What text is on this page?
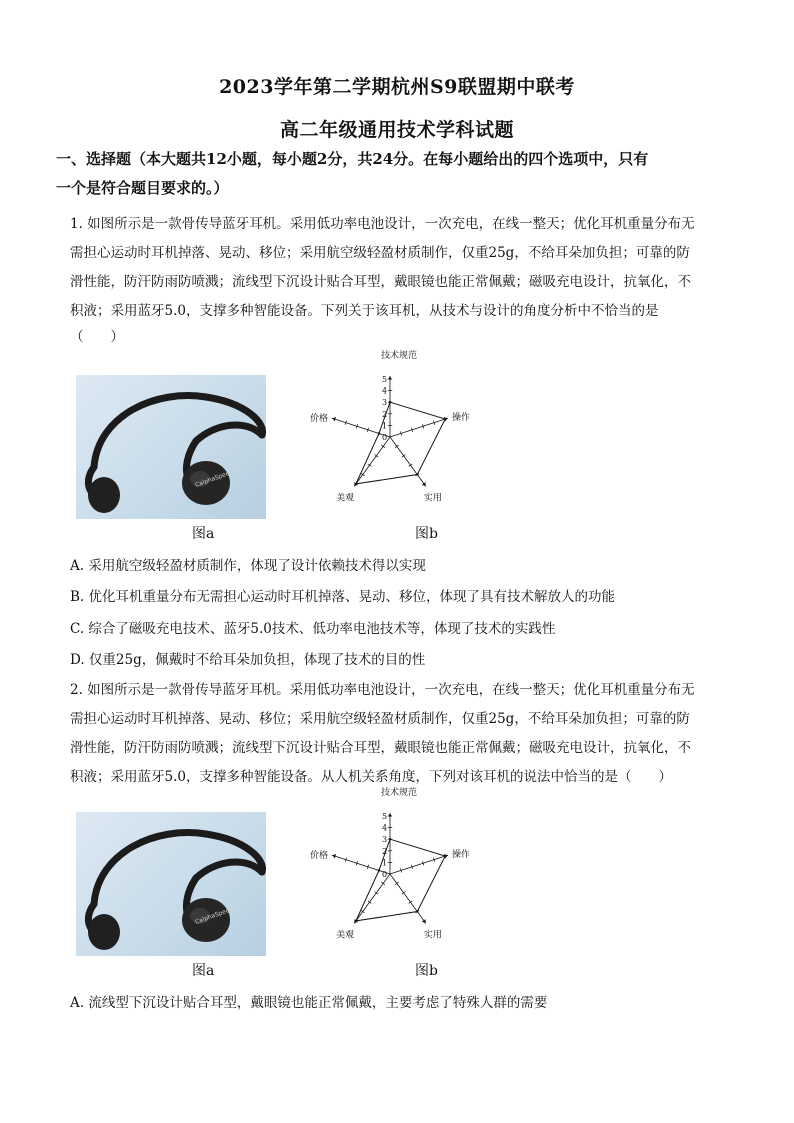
2023学年第二学期杭州S9联盟期中联考
高二年级通用技术学科试题
一、选择题（本大题共12小题，每小题2分，共24分。在每小题给出的四个选项中，只有
一个是符合题目要求的。）
1. 如图所示是一款骨传导蓝牙耳机。采用低功率电池设计，一次充电，在线一整天；优化耳机重量分布无
需担心运动时耳机掉落、晃动、移位；采用航空级轻盈材质制作，仅重25g，不给耳朵加负担；可靠的防
滑性能，防汗防雨防喷溅；流线型下沉设计贴合耳型，戴眼镜也能正常佩戴；磁吸充电设计，抗氧化，不
积液；采用蓝牙5.0，支撑多种智能设备。下列关于该耳机，从技术与设计的角度分析中不恰当的是
（　　）
CalphaSpeed
图a
0
1
2
3
4
5
技术规范
操作
实用
美观
价格
图b
A. 采用航空级轻盈材质制作，体现了设计依赖技术得以实现
B. 优化耳机重量分布无需担心运动时耳机掉落、晃动、移位，体现了具有技术解放人的功能
C. 综合了磁吸充电技术、蓝牙5.0技术、低功率电池技术等，体现了技术的实践性
D. 仅重25g，佩戴时不给耳朵加负担，体现了技术的目的性
2. 如图所示是一款骨传导蓝牙耳机。采用低功率电池设计，一次充电，在线一整天；优化耳机重量分布无
需担心运动时耳机掉落、晃动、移位；采用航空级轻盈材质制作，仅重25g，不给耳朵加负担；可靠的防
滑性能，防汗防雨防喷溅；流线型下沉设计贴合耳型，戴眼镜也能正常佩戴；磁吸充电设计，抗氧化，不
积液；采用蓝牙5.0，支撑多种智能设备。从人机关系角度，下列对该耳机的说法中恰当的是（　　）
CalphaSpeed
图a
0
1
2
3
4
5
技术规范
操作
实用
美观
价格
图b
A. 流线型下沉设计贴合耳型，戴眼镜也能正常佩戴，主要考虑了特殊人群的需要
